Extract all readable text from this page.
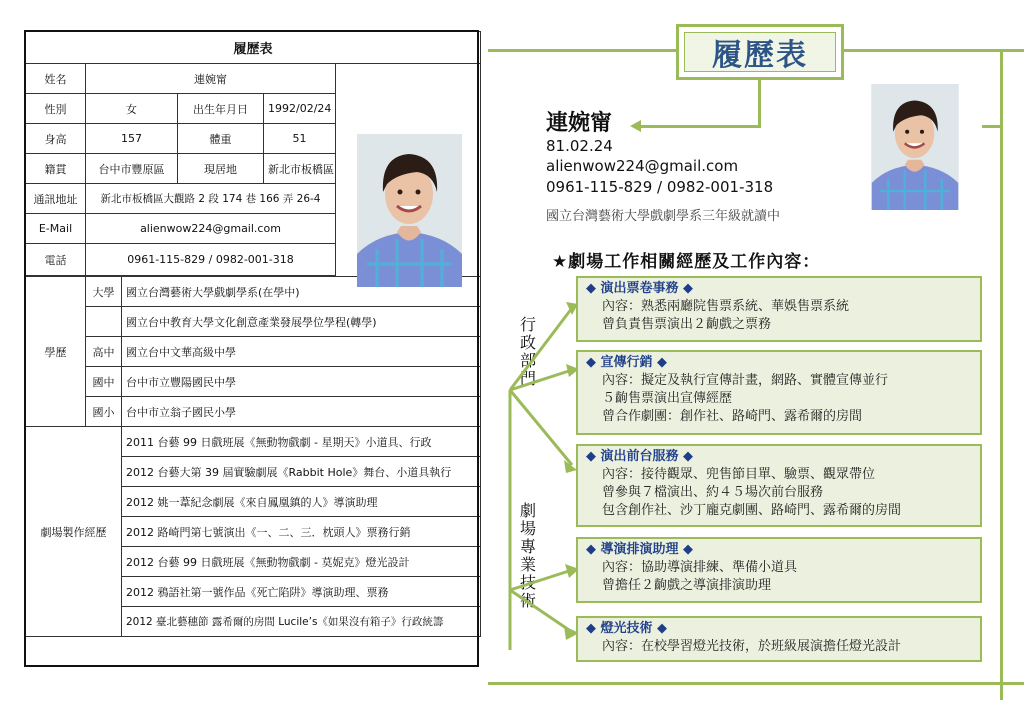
履歷表					
姓名	連婉甯				
性別	女		出生年月日	1992/02/24	
身高	157		體重	51	
籍貫	台中市豐原區		現居地	新北市板橋區	
通訊地址	新北市板橋區大觀路 2 段 174 巷 166 弄 26-4				
E-Mail	alienwow224@gmail.com				
電話	0961-115-829 / 0982-001-318				

學歷	大學	國立台灣藝術大學戲劇學系(在學中)			
		國立台中教育大學文化創意產業發展學位學程(轉學)			
	高中	國立台中文華高級中學			
	國中	台中市立豐陽國民中學			
	國小	台中市立翁子國民小學			
劇場製作經歷		2011 台藝 99 日戲班展《無動物戲劇 - 星期天》小道具、行政			
		2012 台藝大第 39 屆實驗劇展《Rabbit Hole》舞台、小道具執行			
		2012 姚一葦紀念劇展《來自鳳凰鎮的人》導演助理			
		2012 路崎門第七號演出《一、二、三．枕頭人》票務行銷			
		2012 台藝 99 日戲班展《無動物戲劇 - 莫妮克》燈光設計			
		2012 鴉語社第一號作品《死亡陷阱》導演助理、票務			
		2012 臺北藝穗節 露希爾的房間 Lucile’s《如果沒有箱子》行政統籌			
履歷表
連婉甯
81.02.24
alienwow224@gmail.com
0961-115-829 / 0982-001-318
國立台灣藝術大學戲劇學系三年級就讀中
★劇場工作相關經歷及工作內容：
行政部門
劇場專業技術
◆ 演出票卷事務 ◆
內容：熟悉兩廳院售票系統、華娛售票系統
曾負責售票演出２齣戲之票務
◆ 宣傳行銷 ◆
內容：擬定及執行宣傳計畫，網路、實體宣傳並行
５齣售票演出宣傳經歷
曾合作劇團：創作社、路崎門、露希爾的房間
◆ 演出前台服務 ◆
內容：接待觀眾、兜售節目單、驗票、觀眾帶位
曾參與７檔演出、約４５場次前台服務
包含創作社、沙丁龐克劇團、路崎門、露希爾的房間
◆ 導演排演助理 ◆
內容：協助導演排練、準備小道具
曾擔任２齣戲之導演排演助理
◆ 燈光技術 ◆
內容：在校學習燈光技術，於班級展演擔任燈光設計
